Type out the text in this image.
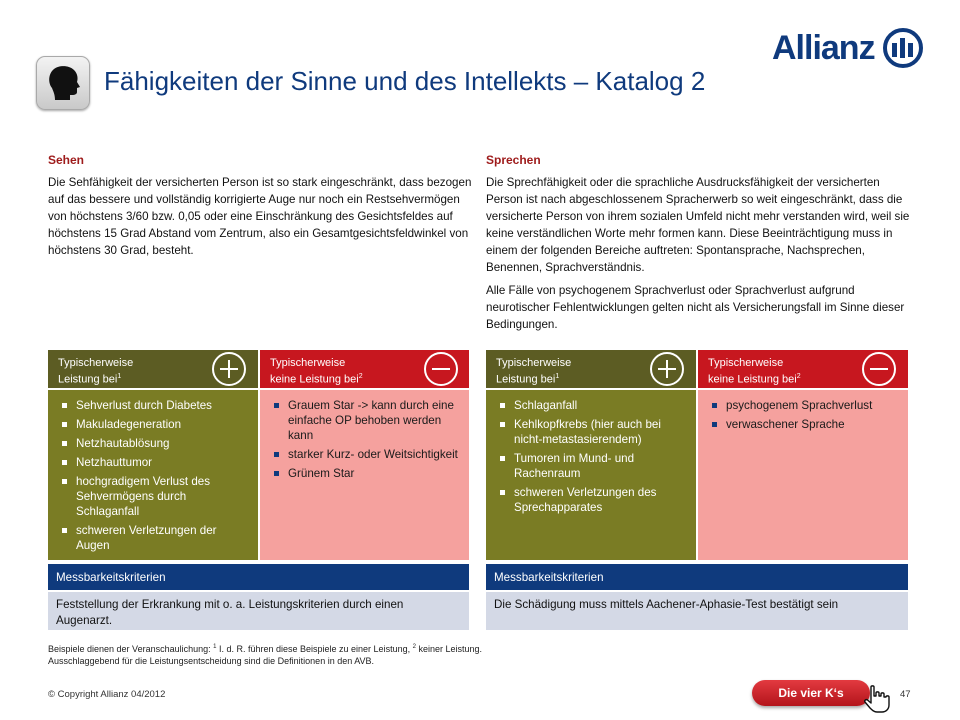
Allianz
Fähigkeiten der Sinne und des Intellekts – Katalog 2
Sehen

Die Sehfähigkeit der versicherten Person ist so stark eingeschränkt, dass bezogen auf das bessere und vollständig korrigierte Auge nur noch ein Restsehvermögen von höchstens 3/60 bzw. 0,05 oder eine Einschränkung des Gesichtsfeldes auf höchstens 15 Grad Abstand vom Zentrum, also ein Gesamtgesichtsfeldwinkel von höchstens 30 Grad, besteht.

Typischerweise
Leistung bei$^1$
Typischerweise
keine Leistung bei$^2$
Sehverlust durch Diabetes
Makuladegeneration
Netzhautablösung
Netzhauttumor
hochgradigem Verlust des Sehvermögens durch Schlaganfall
schweren Verletzungen der Augen
Grauem Star -> kann durch eine einfache OP behoben werden kann
starker Kurz- oder Weitsichtigkeit
Grünem Star
Messbarkeitskriterien
Feststellung der Erkrankung mit o. a. Leistungskriterien durch einen Augenarzt.
Sprechen

Die Sprechfähigkeit oder die sprachliche Ausdrucksfähigkeit der versicherten Person ist nach abgeschlossenem Spracherwerb so weit eingeschränkt, dass die versicherte Person von ihrem sozialen Umfeld nicht mehr verstanden wird, weil sie keine verständlichen Worte mehr formen kann. Diese Beeinträchtigung muss in einem der folgenden Bereiche auftreten: Spontansprache, Nachsprechen, Benennen, Sprachverständnis.

Alle Fälle von psychogenem Sprachverlust oder Sprachverlust aufgrund neurotischer Fehlentwicklungen gelten nicht als Versicherungsfall im Sinne dieser Bedingungen.

Typischerweise
Leistung bei$^1$
Typischerweise
keine Leistung bei$^2$
Schlaganfall
Kehlkopfkrebs (hier auch bei nicht-metastasierendem)
Tumoren im Mund- und Rachenraum
schweren Verletzungen des Sprechapparates
psychogenem Sprachverlust
verwaschener Sprache
Messbarkeitskriterien
Die Schädigung muss mittels Aachener-Aphasie-Test bestätigt sein
Beispiele dienen der Veranschaulichung: $^1$ I. d. R. führen diese Beispiele zu einer Leistung, $^2$ keiner Leistung.
Ausschlaggebend für die Leistungsentscheidung sind die Definitionen in den AVB.
© Copyright Allianz 04/2012	47
Die vier K‘s
